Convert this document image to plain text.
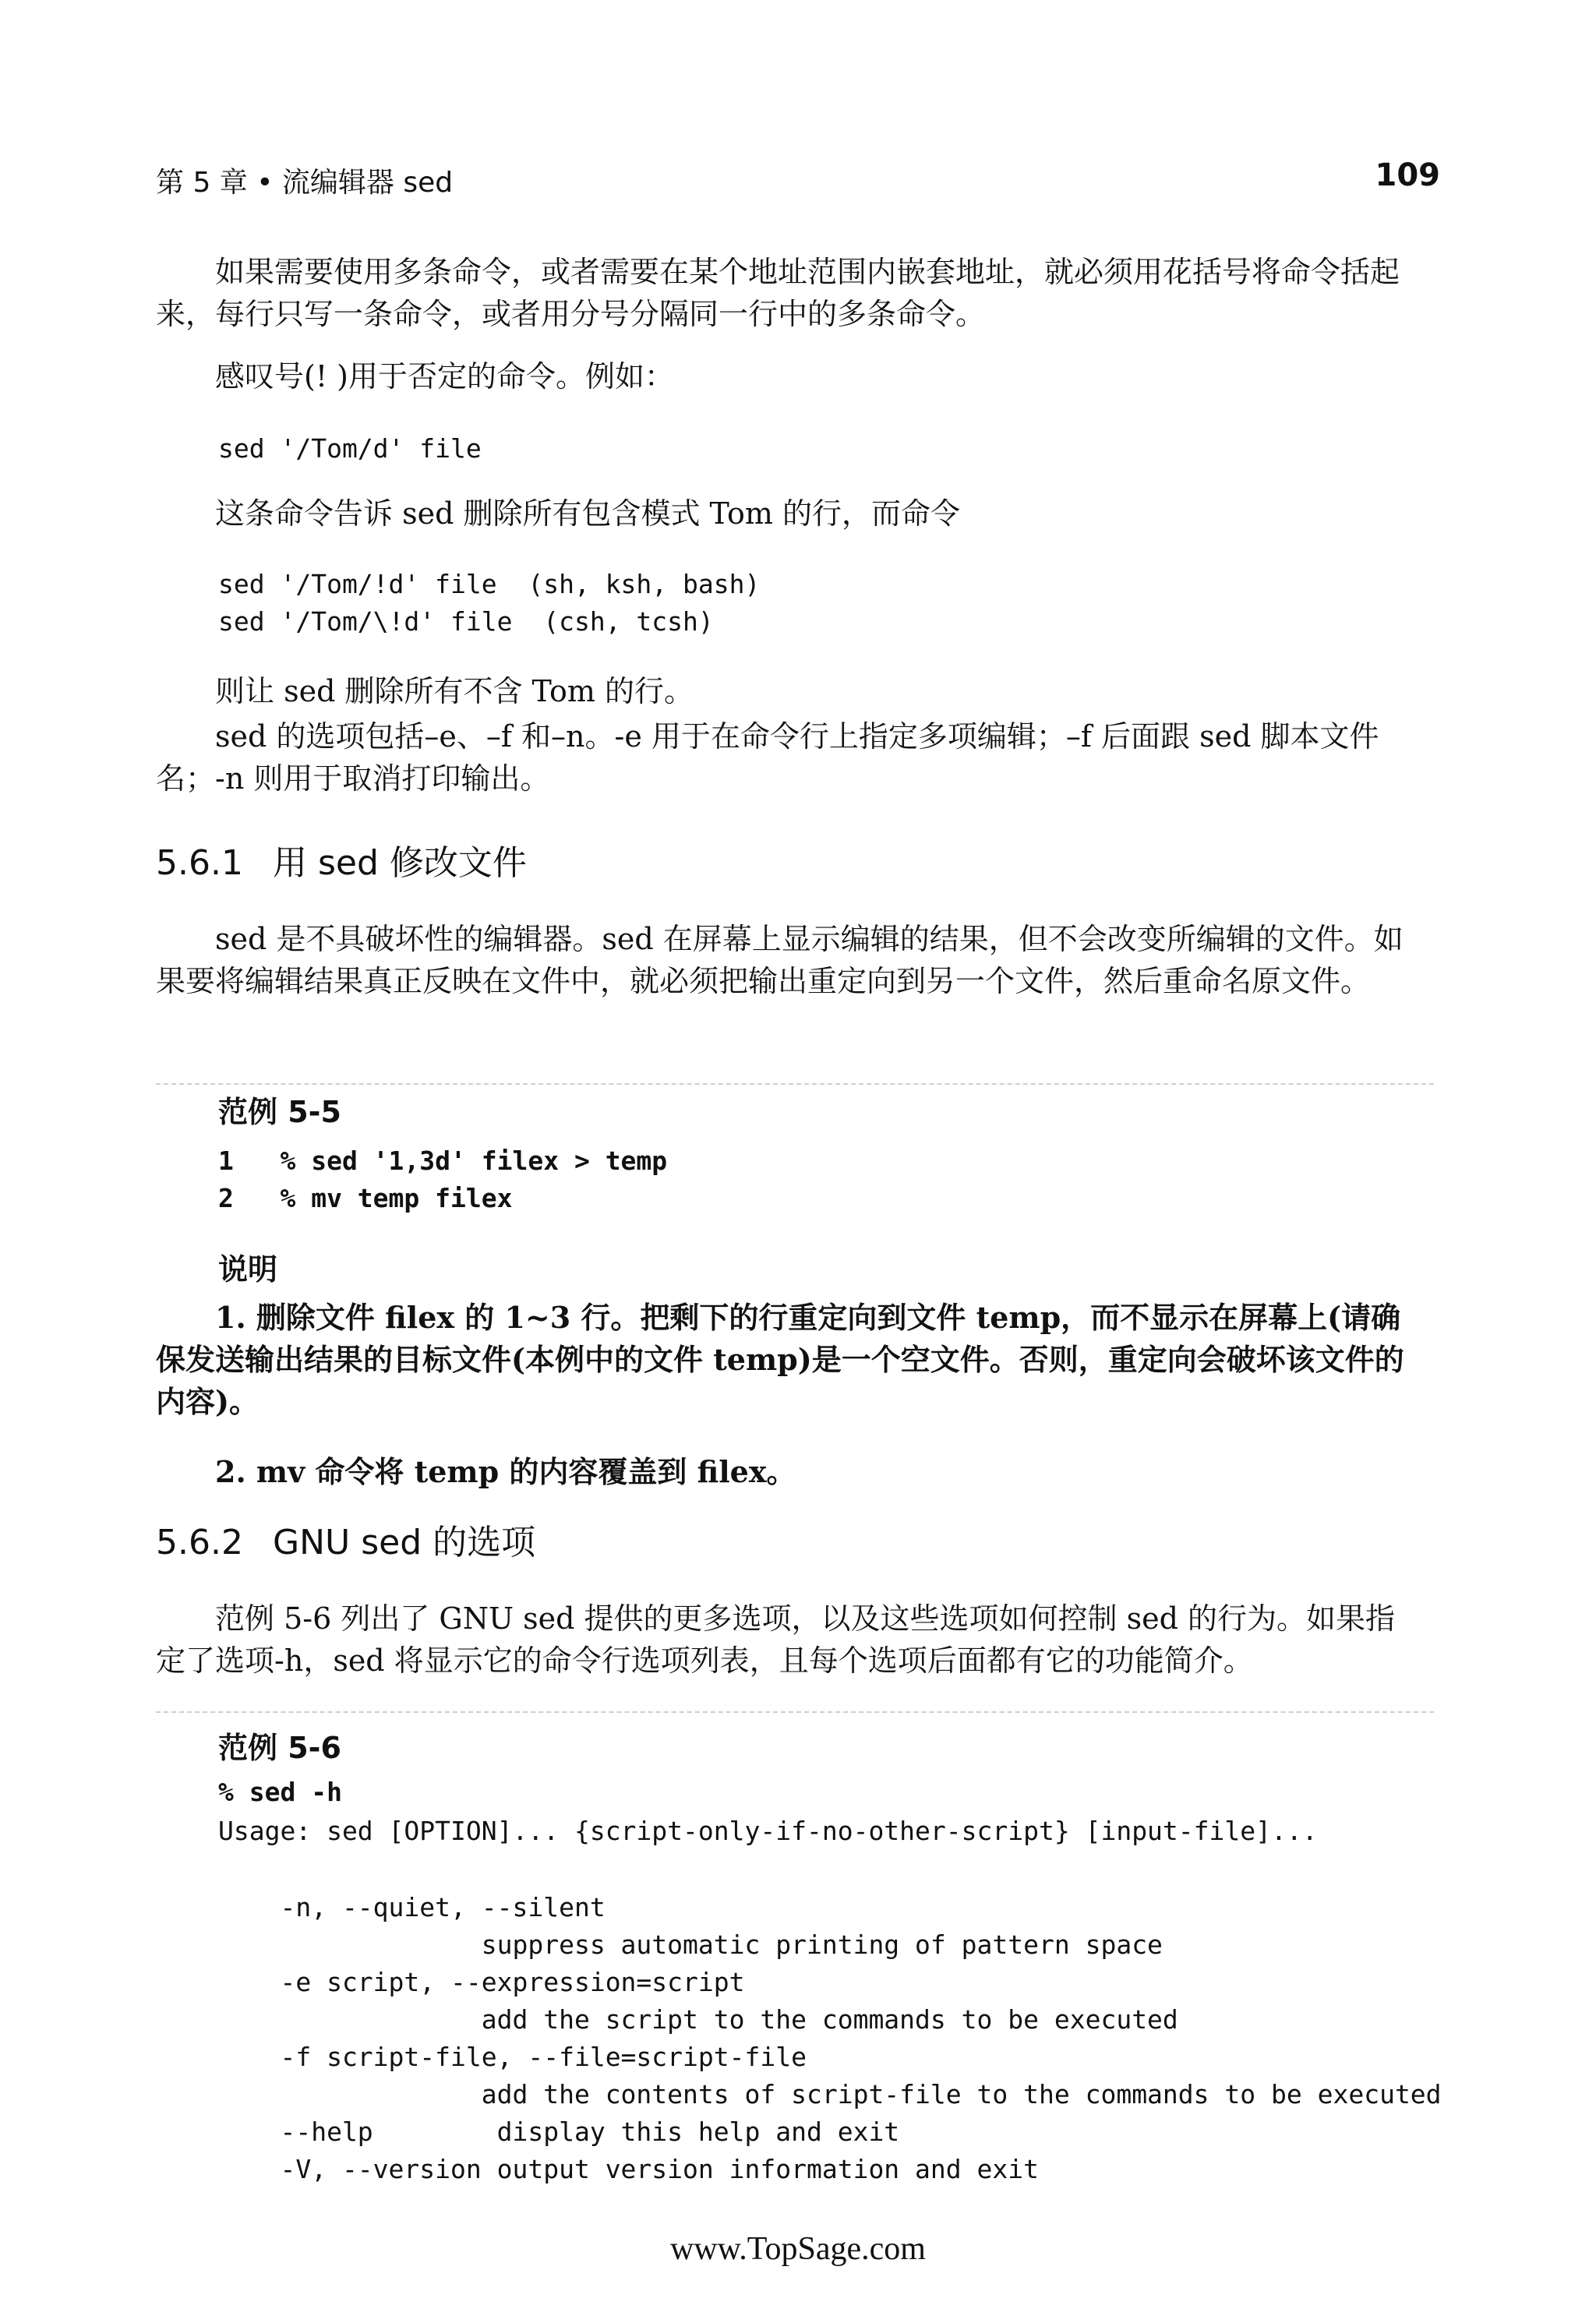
第 5 章 • 流编辑器 sed	109

如果需要使用多条命令，或者需要在某个地址范围内嵌套地址，就必须用花括号将命令括起来，每行只写一条命令，或者用分号分隔同一行中的多条命令。

感叹号(! )用于否定的命令。例如：

sed '/Tom/d' file

这条命令告诉 sed 删除所有包含模式 Tom 的行，而命令

sed '/Tom/!d' file  (sh, ksh, bash)
sed '/Tom/\!d' file  (csh, tcsh)

则让 sed 删除所有不含 Tom 的行。

sed 的选项包括–e、–f 和–n。-e 用于在命令行上指定多项编辑；–f 后面跟 sed 脚本文件名；-n 则用于取消打印输出。

5.6.1 用 sed 修改文件

sed 是不具破坏性的编辑器。sed 在屏幕上显示编辑的结果，但不会改变所编辑的文件。如果要将编辑结果真正反映在文件中，就必须把输出重定向到另一个文件，然后重命名原文件。

范例 5-5
1   % sed '1,3d' filex > temp
2   % mv temp filex
说明

1. 删除文件 filex 的 1~3 行。把剩下的行重定向到文件 temp，而不显示在屏幕上(请确保发送输出结果的目标文件(本例中的文件 temp)是一个空文件。否则，重定向会破坏该文件的内容)。

2. mv 命令将 temp 的内容覆盖到 filex。

5.6.2 GNU sed 的选项

范例 5-6 列出了 GNU sed 提供的更多选项，以及这些选项如何控制 sed 的行为。如果指定了选项-h，sed 将显示它的命令行选项列表，且每个选项后面都有它的功能简介。

范例 5-6
% sed -h
Usage: sed [OPTION]... {script-only-if-no-other-script} [input-file]...
-n, --quiet, --silent
suppress automatic printing of pattern space
-e script, --expression=script
add the script to the commands to be executed
-f script-file, --file=script-file
add the contents of script-file to the commands to be executed
--help        display this help and exit
-V, --version output version information and exit
www.TopSage.com
